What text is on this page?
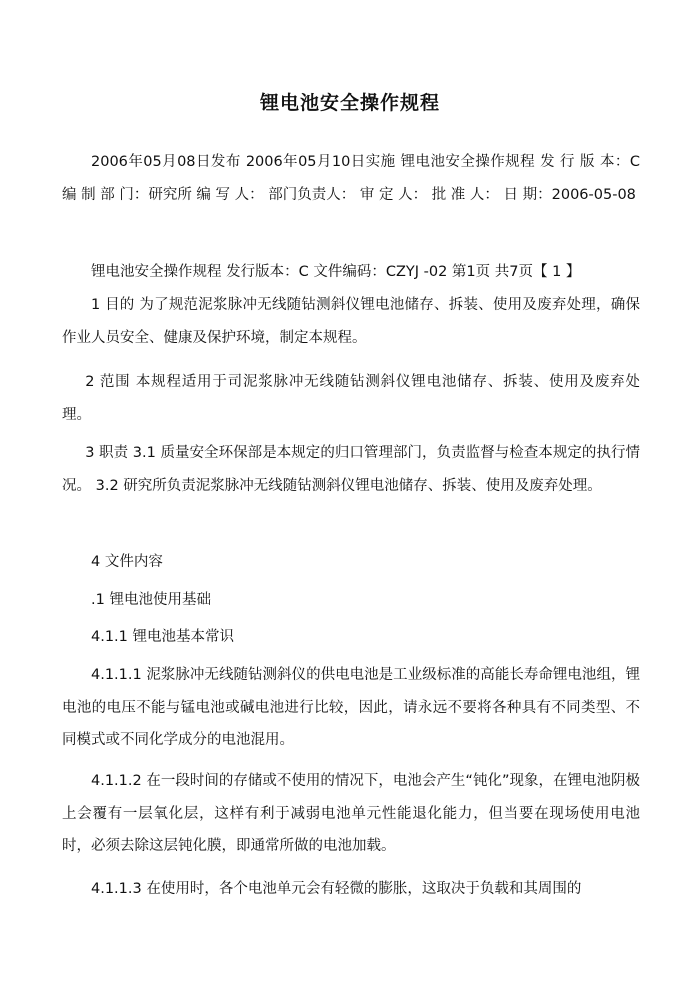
锂电池安全操作规程

2006年05月08日发布 2006年05月10日实施 锂电池安全操作规程 发 行 版 本：C 编 制 部 门：研究所 编 写 人： 部门负责人： 审 定 人： 批 准 人： 日 期：2006-05-08

锂电池安全操作规程 发行版本：C 文件编码：CZYJ -02 第1页 共7页【 1 】

1 目的 为了规范泥浆脉冲无线随钻测斜仪锂电池储存、拆装、使用及废弃处理，确保作业人员安全、健康及保护环境，制定本规程。

2 范围 本规程适用于司泥浆脉冲无线随钻测斜仪锂电池储存、拆装、使用及废弃处理。

3 职责 3.1 质量安全环保部是本规定的归口管理部门，负责监督与检查本规定的执行情况。 3.2 研究所负责泥浆脉冲无线随钻测斜仪锂电池储存、拆装、使用及废弃处理。

4 文件内容

.1 锂电池使用基础

4.1.1 锂电池基本常识

4.1.1.1 泥浆脉冲无线随钻测斜仪的供电电池是工业级标准的高能长寿命锂电池组，锂电池的电压不能与锰电池或碱电池进行比较，因此，请永远不要将各种具有不同类型、不同模式或不同化学成分的电池混用。

4.1.1.2 在一段时间的存储或不使用的情况下，电池会产生“钝化”现象，在锂电池阴极上会覆有一层氧化层，这样有利于减弱电池单元性能退化能力，但当要在现场使用电池时，必须去除这层钝化膜，即通常所做的电池加载。

4.1.1.3 在使用时，各个电池单元会有轻微的膨胀，这取决于负载和其周围的
